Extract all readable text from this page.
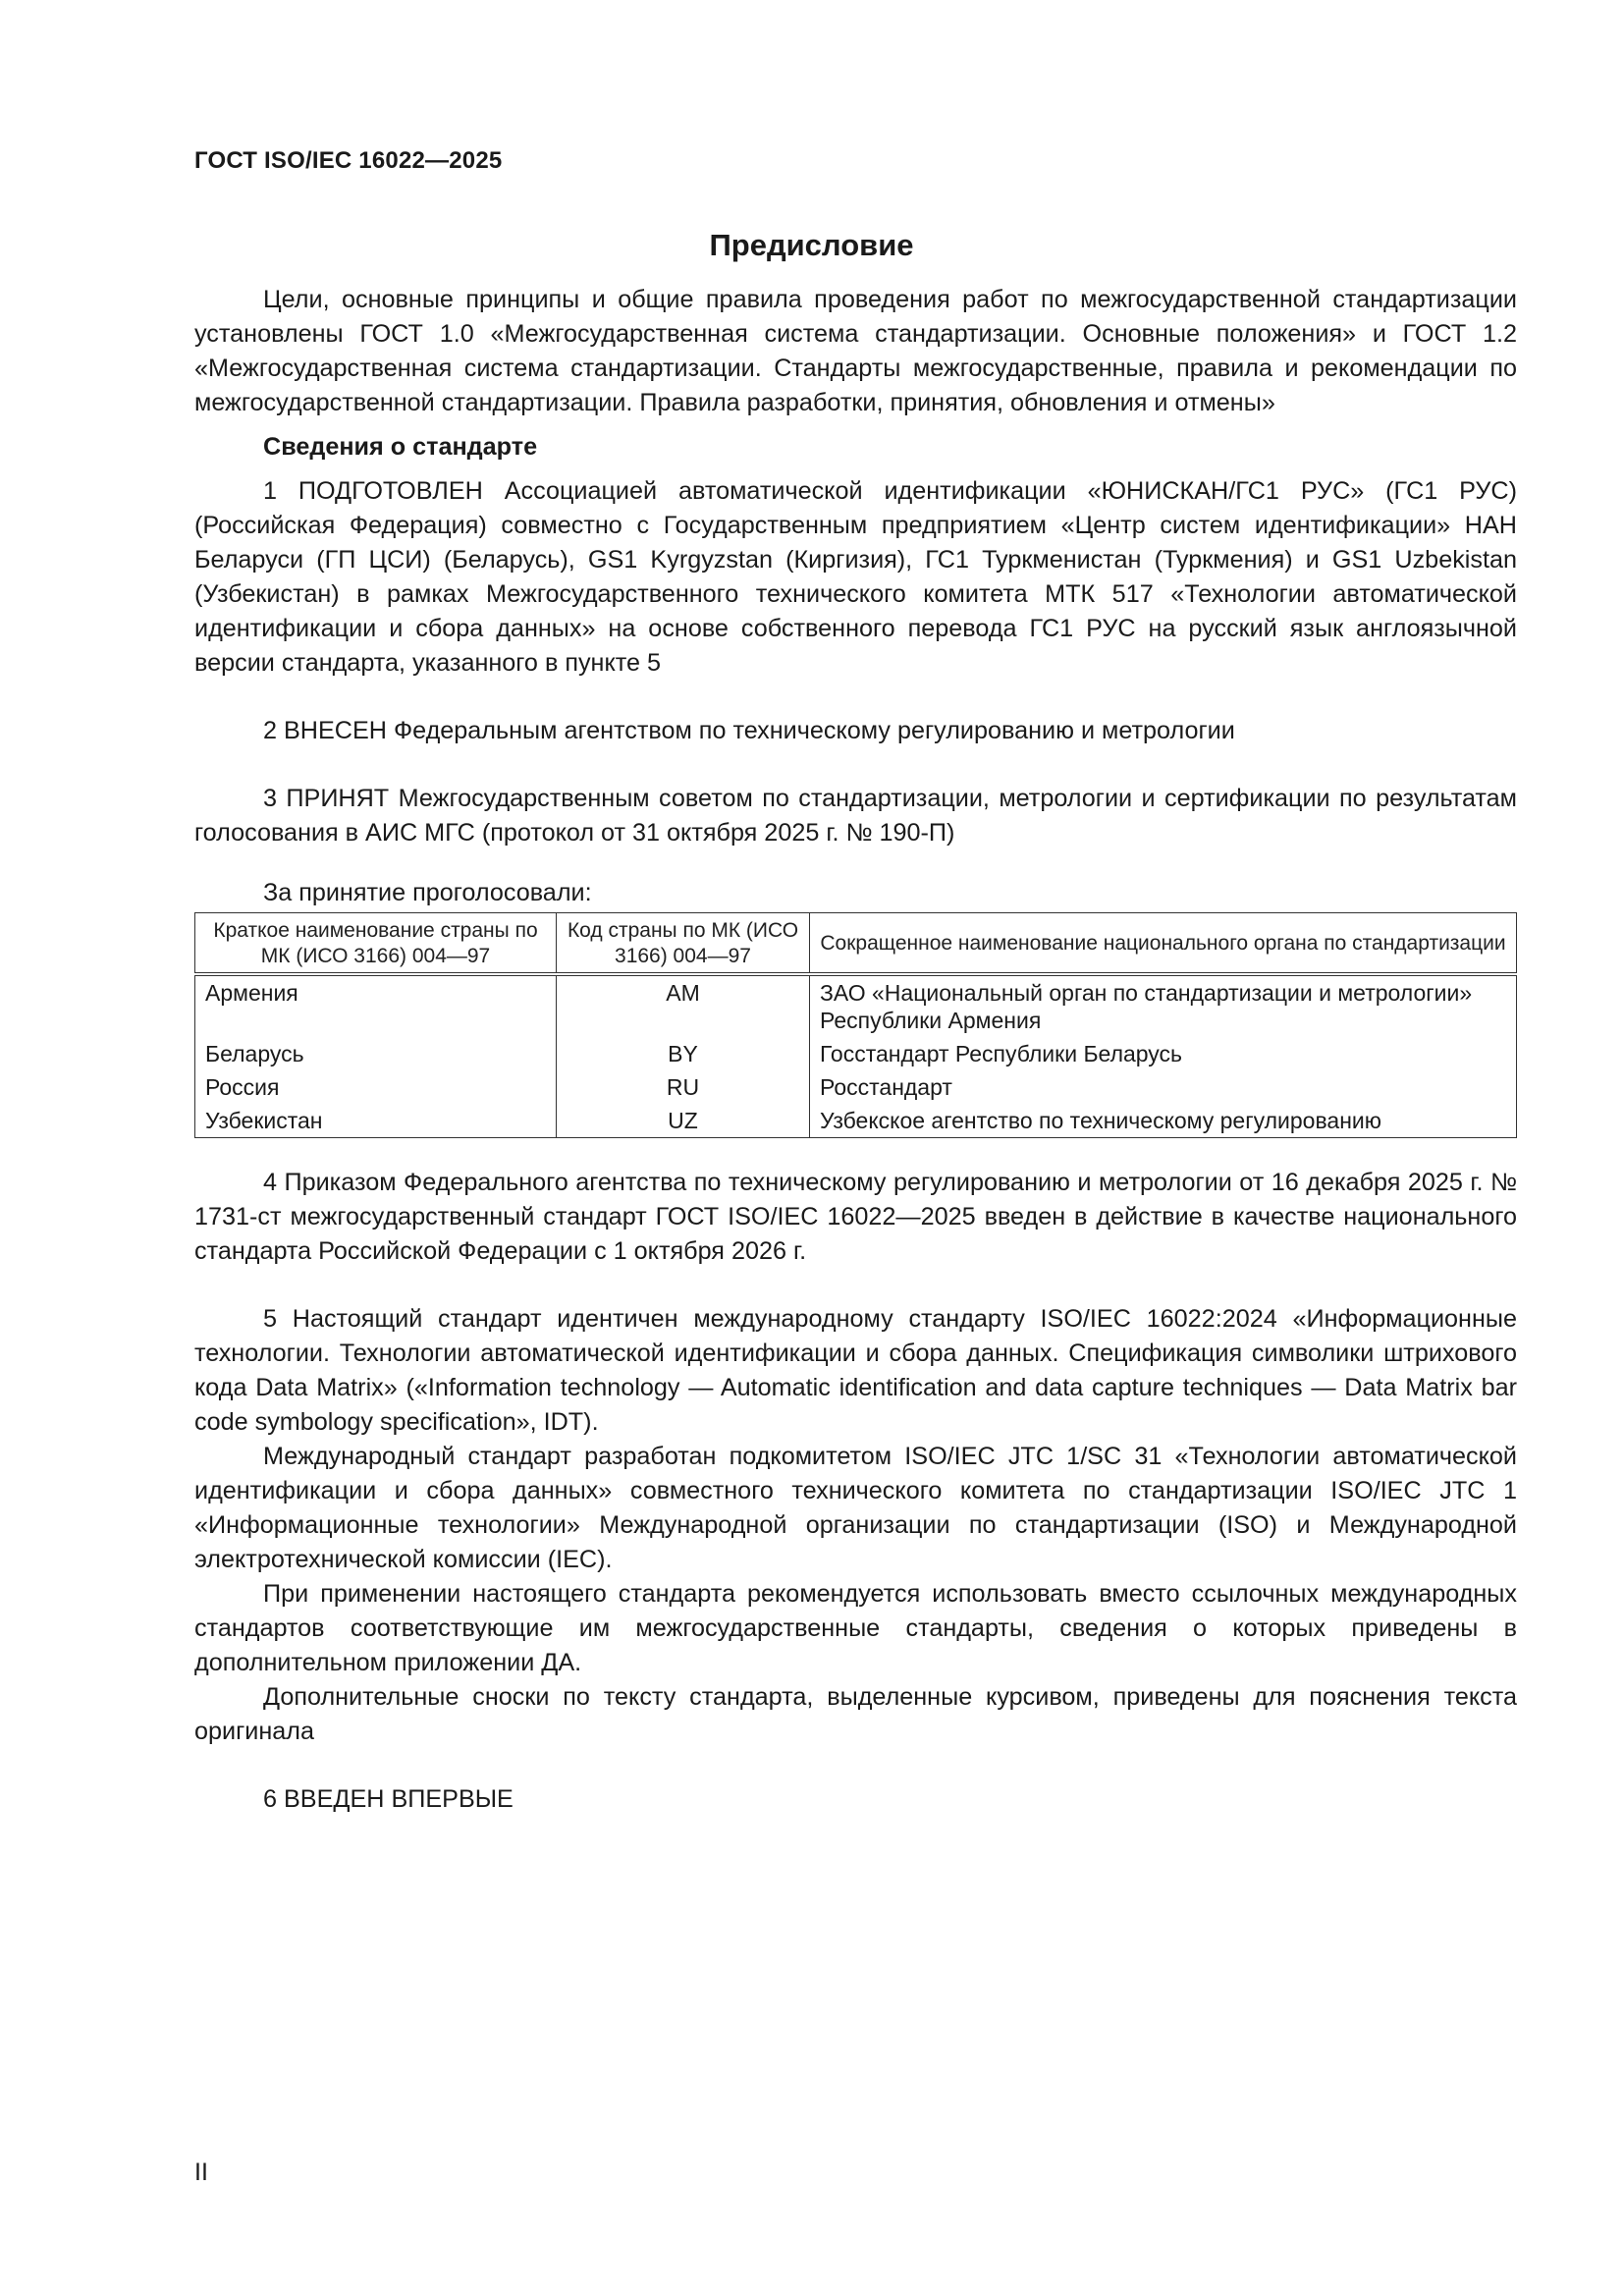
ГОСТ ISO/IEC 16022—2025
Предисловие

Цели, основные принципы и общие правила проведения работ по межгосударственной стандартизации установлены ГОСТ 1.0 «Межгосударственная система стандартизации. Основные положения» и ГОСТ 1.2 «Межгосударственная система стандартизации. Стандарты межгосударственные, правила и рекомендации по межгосударственной стандартизации. Правила разработки, принятия, обновления и отмены»

Сведения о стандарте

1 ПОДГОТОВЛЕН Ассоциацией автоматической идентификации «ЮНИСКАН/ГС1 РУС» (ГС1 РУС) (Российская Федерация) совместно с Государственным предприятием «Центр систем идентификации» НАН Беларуси (ГП ЦСИ) (Беларусь), GS1 Kyrgyzstan (Киргизия), ГС1 Туркменистан (Туркмения) и GS1 Uzbekistan (Узбекистан) в рамках Межгосударственного технического комитета МТК 517 «Технологии автоматической идентификации и сбора данных» на основе собственного перевода ГС1 РУС на русский язык англоязычной версии стандарта, указанного в пункте 5

2 ВНЕСЕН Федеральным агентством по техническому регулированию и метрологии

3 ПРИНЯТ Межгосударственным советом по стандартизации, метрологии и сертификации по результатам голосования в АИС МГС (протокол от 31 октября 2025 г. № 190-П)

За принятие проголосовали:

Краткое наименование страны по МК (ИСО 3166) 004—97	Код страны по МК (ИСО 3166) 004—97	Сокращенное наименование национального органа по стандартизации
Армения	AM	ЗАО «Национальный орган по стандартизации и метрологии» Республики Армения
Беларусь	BY	Госстандарт Республики Беларусь
Россия	RU	Росстандарт
Узбекистан	UZ	Узбекское агентство по техническому регулированию

4 Приказом Федерального агентства по техническому регулированию и метрологии от 16 декабря 2025 г. № 1731-ст межгосударственный стандарт ГОСТ ISO/IEC 16022—2025 введен в действие в качестве национального стандарта Российской Федерации с 1 октября 2026 г.

5 Настоящий стандарт идентичен международному стандарту ISO/IEC 16022:2024 «Информационные технологии. Технологии автоматической идентификации и сбора данных. Спецификация символики штрихового кода Data Matrix» («Information technology — Automatic identification and data capture techniques — Data Matrix bar code symbology specification», IDT).

Международный стандарт разработан подкомитетом ISO/IEC JTC 1/SC 31 «Технологии автоматической идентификации и сбора данных» совместного технического комитета по стандартизации ISO/IEC JTC 1 «Информационные технологии» Международной организации по стандартизации (ISO) и Международной электротехнической комиссии (IEC).

При применении настоящего стандарта рекомендуется использовать вместо ссылочных международных стандартов соответствующие им межгосударственные стандарты, сведения о которых приведены в дополнительном приложении ДА.

Дополнительные сноски по тексту стандарта, выделенные курсивом, приведены для пояснения текста оригинала

6 ВВЕДЕН ВПЕРВЫЕ

II
